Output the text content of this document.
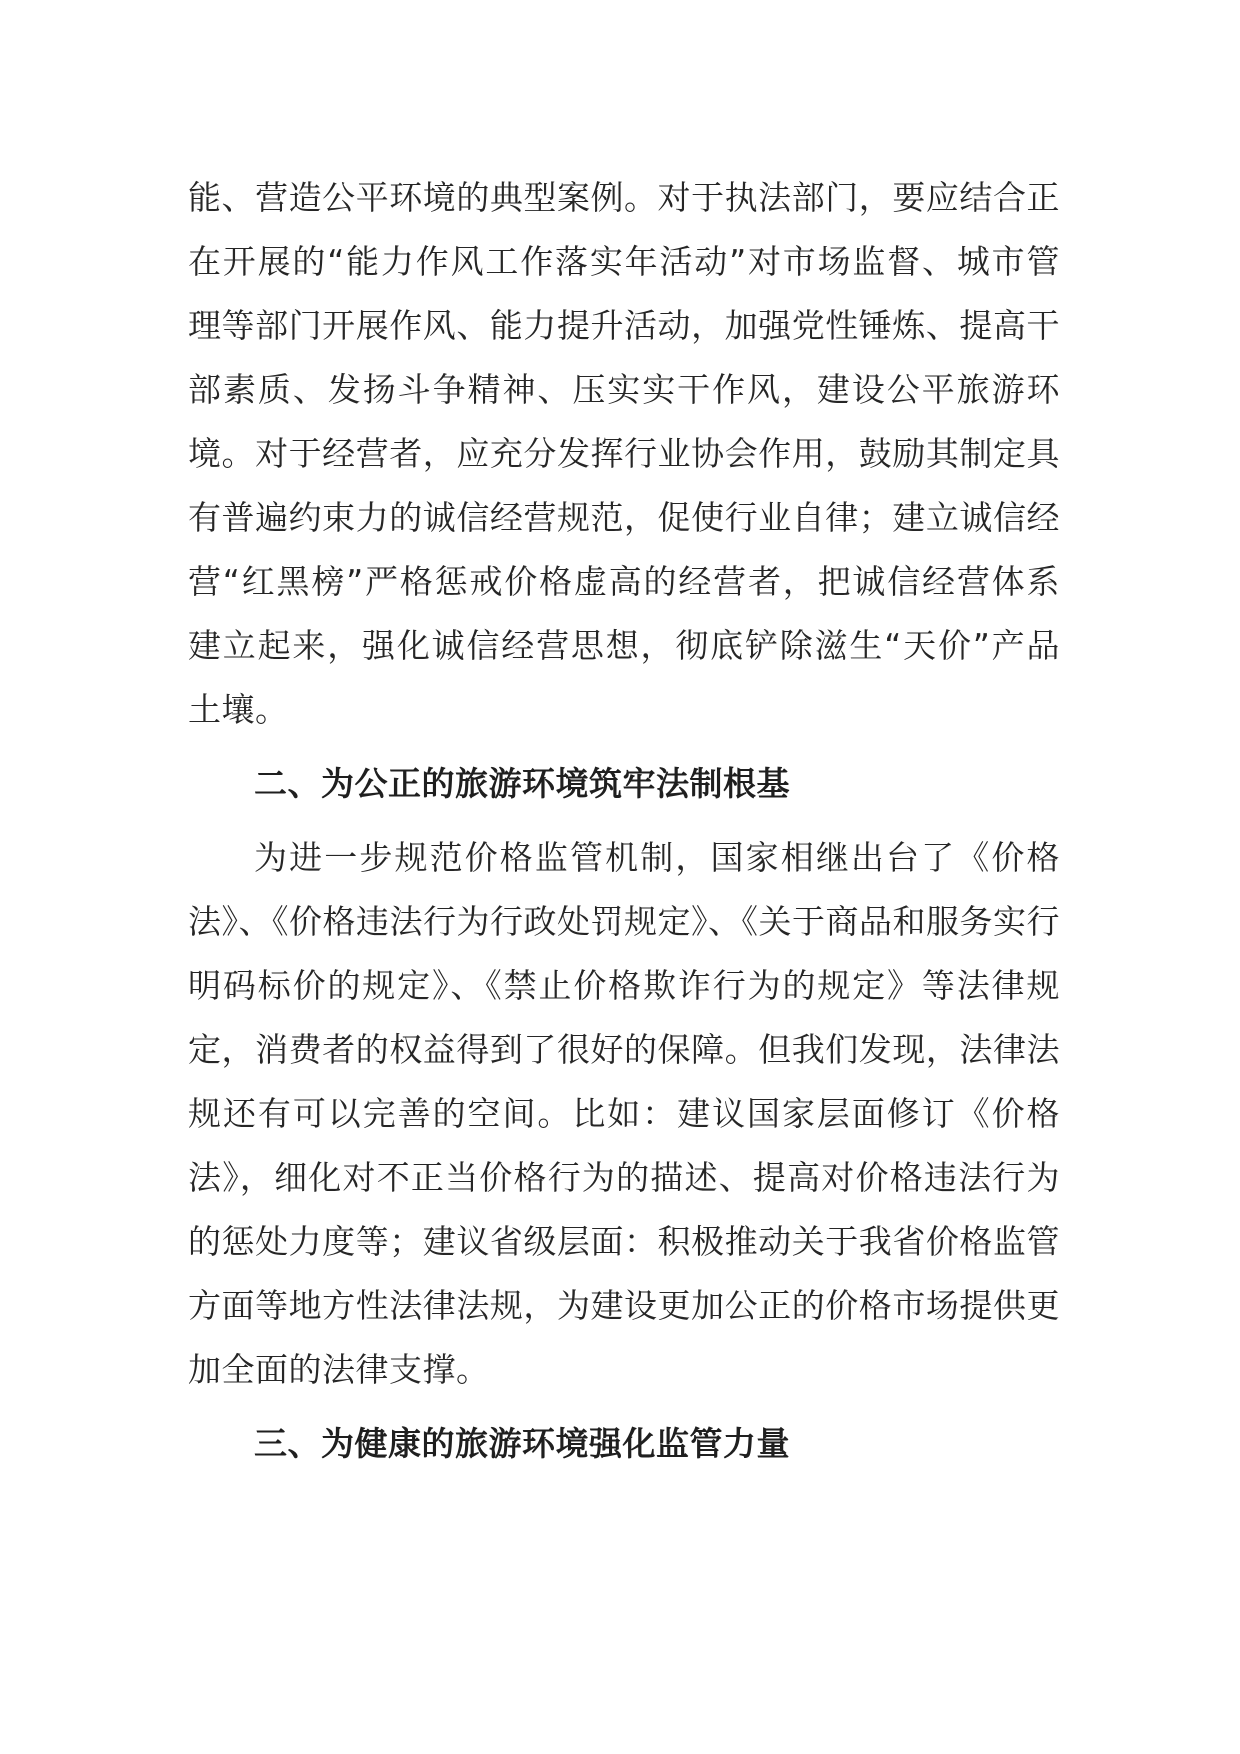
能、营造公平环境的典型案例。对于执法部门，要应结合正在开展的“能力作风工作落实年活动”对市场监督、城市管理等部门开展作风、能力提升活动，加强党性锤炼、提高干部素质、发扬斗争精神、压实实干作风，建设公平旅游环境。对于经营者，应充分发挥行业协会作用，鼓励其制定具有普遍约束力的诚信经营规范，促使行业自律；建立诚信经营“红黑榜”严格惩戒价格虚高的经营者，把诚信经营体系建立起来，强化诚信经营思想，彻底铲除滋生“天价”产品土壤。

二、为公正的旅游环境筑牢法制根基

为进一步规范价格监管机制，国家相继出台了《价格法》、《价格违法行为行政处罚规定》、《关于商品和服务实行明码标价的规定》、《禁止价格欺诈行为的规定》等法律规定，消费者的权益得到了很好的保障。但我们发现，法律法规还有可以完善的空间。比如：建议国家层面修订《价格法》，细化对不正当价格行为的描述、提高对价格违法行为的惩处力度等；建议省级层面：积极推动关于我省价格监管方面等地方性法律法规，为建设更加公正的价格市场提供更加全面的法律支撑。

三、为健康的旅游环境强化监管力量
